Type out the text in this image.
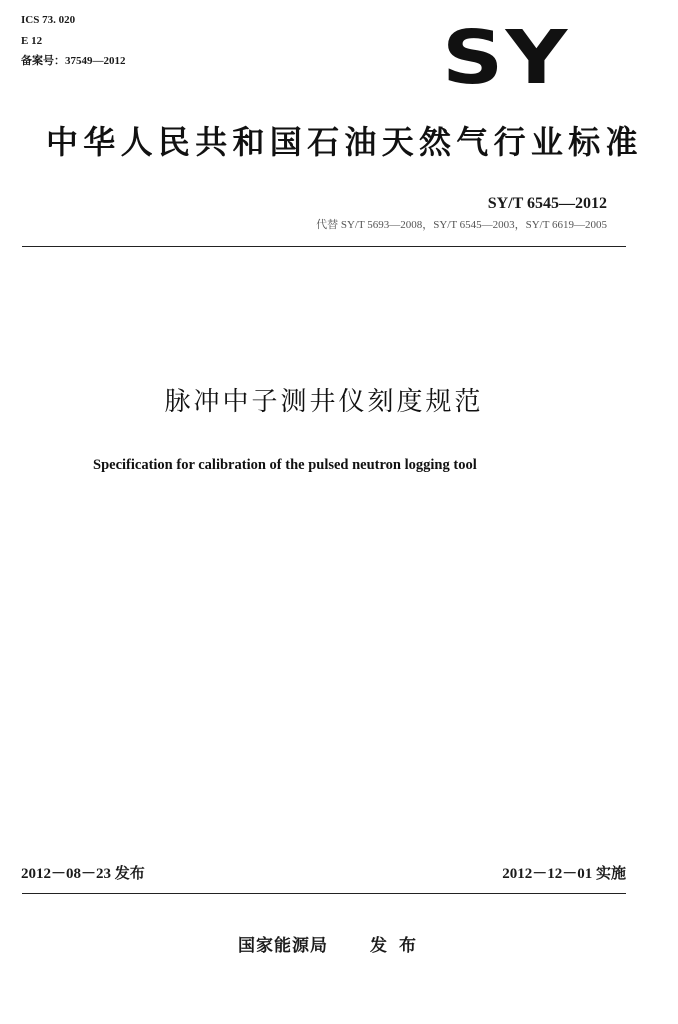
ICS 73. 020
E 12
备案号：37549—2012	SY
中华人民共和国石油天然气行业标准
SY/T 6545—2012
代替 SY/T 5693—2008，SY/T 6545—2003，SY/T 6619—2005
脉冲中子测井仪刻度规范
Specification for calibration of the pulsed neutron logging tool
2012－08－23 发布	2012－12－01 实施
国家能源局 发布
